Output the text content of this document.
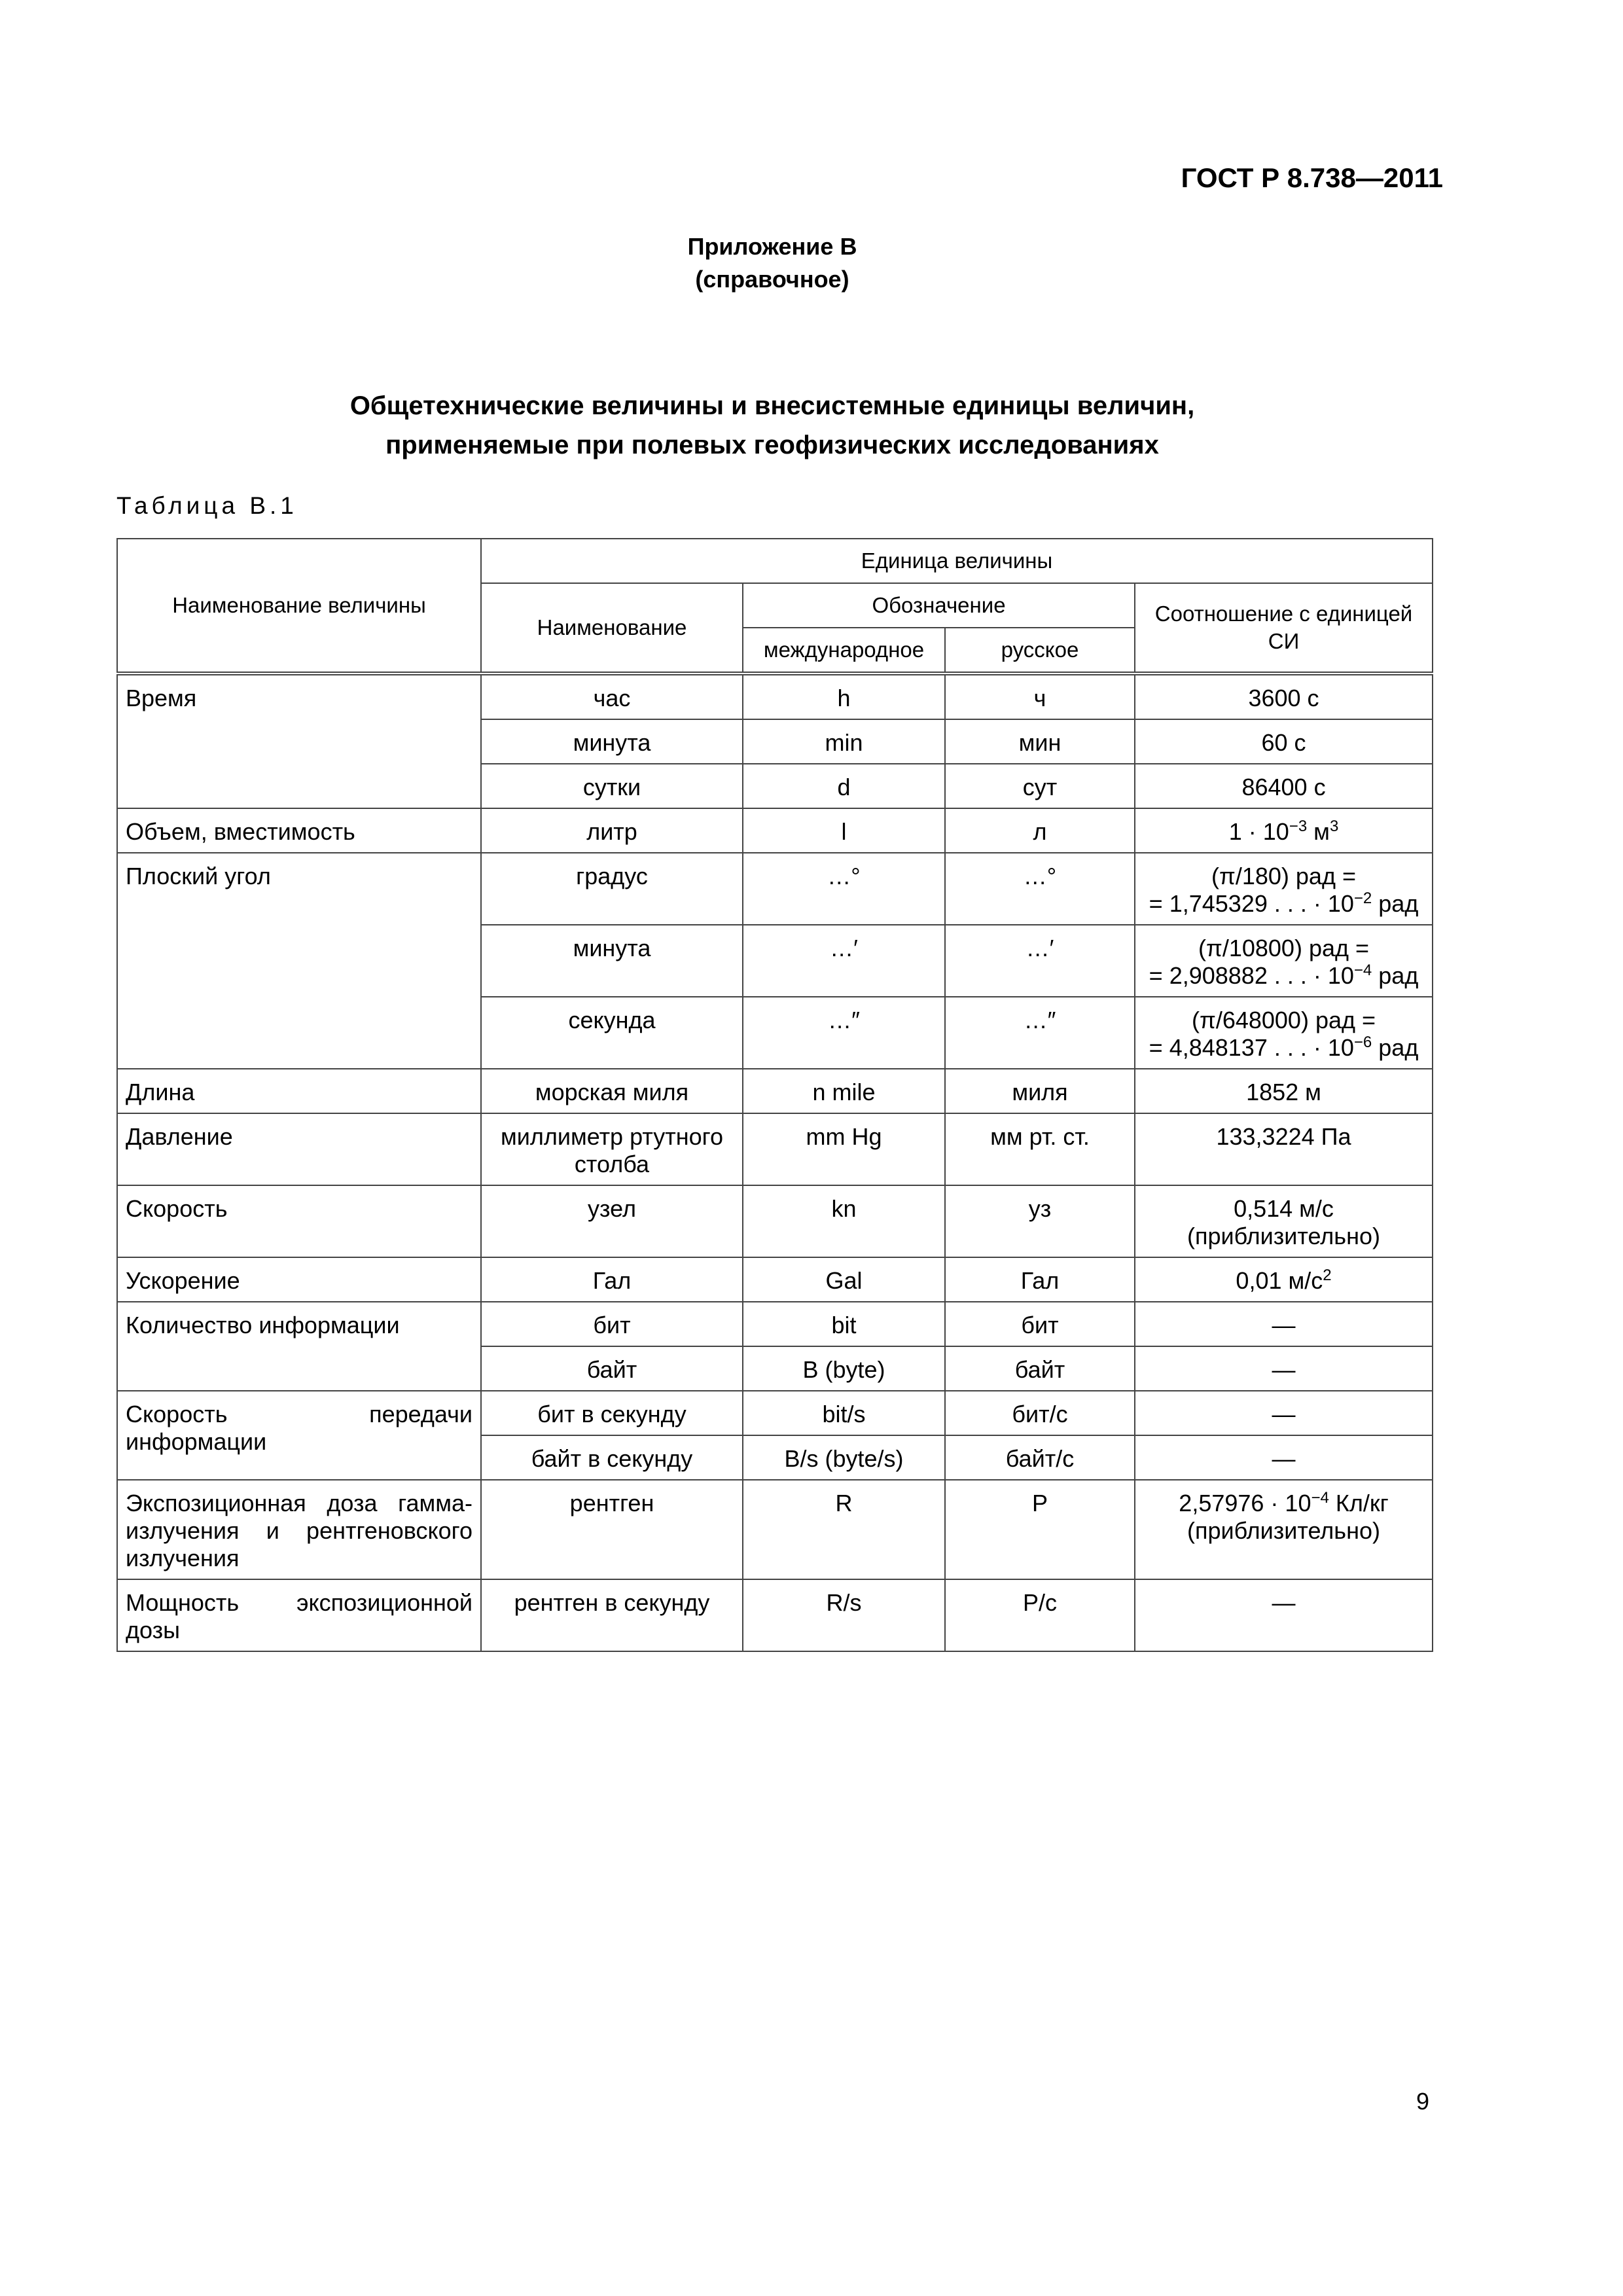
ГОСТ Р 8.738—2011
Приложение В
(справочное)
Общетехнические величины и внесистемные единицы величин,
применяемые при полевых геофизических исследованиях
Таблица В.1
Наименование величины	Единица величины			
	Наименование	Обозначение		Соотношение с единицей СИ
		международное	русское	
Время	час	h	ч	3600 с
	минута	min	мин	60 с
	сутки	d	сут	86400 с
Объем, вместимость	литр	l	л	$1 \cdot 10^{-3}$ $м^3$
Плоский угол	градус	…°	…°	(π/180) рад =
= 1,745329 . . . · $10^{-2}$ рад

	минута	…′	…′	(π/10800) рад =
= 2,908882 . . . · $10^{-4}$ рад

	секунда	…″	…″	(π/648000) рад =
= 4,848137 . . . · $10^{-6}$ рад

Длина	морская миля	n mile	миля	1852 м
Давление	миллиметр ртутного столба	mm Hg	мм рт. ст.	133,3224 Па
Скорость	узел	kn	уз	0,514 м/с
(приблизительно)

Ускорение	Гал	Gal	Гал	0,01 $м/с^2$
Количество информации	бит	bit	бит	—
	байт	B (byte)	байт	—
Скорость передачи информации	бит в секунду	bit/s	бит/с	—
	байт в секунду	B/s (byte/s)	байт/с	—
Экспозиционная доза гамма-излучения и рентгеновского излучения	рентген	R	Р	$2,57976 \cdot 10^{-4}$ Кл/кг
(приблизительно)

Мощность экспозиционной дозы	рентген в секунду	R/s	Р/с	—
9
